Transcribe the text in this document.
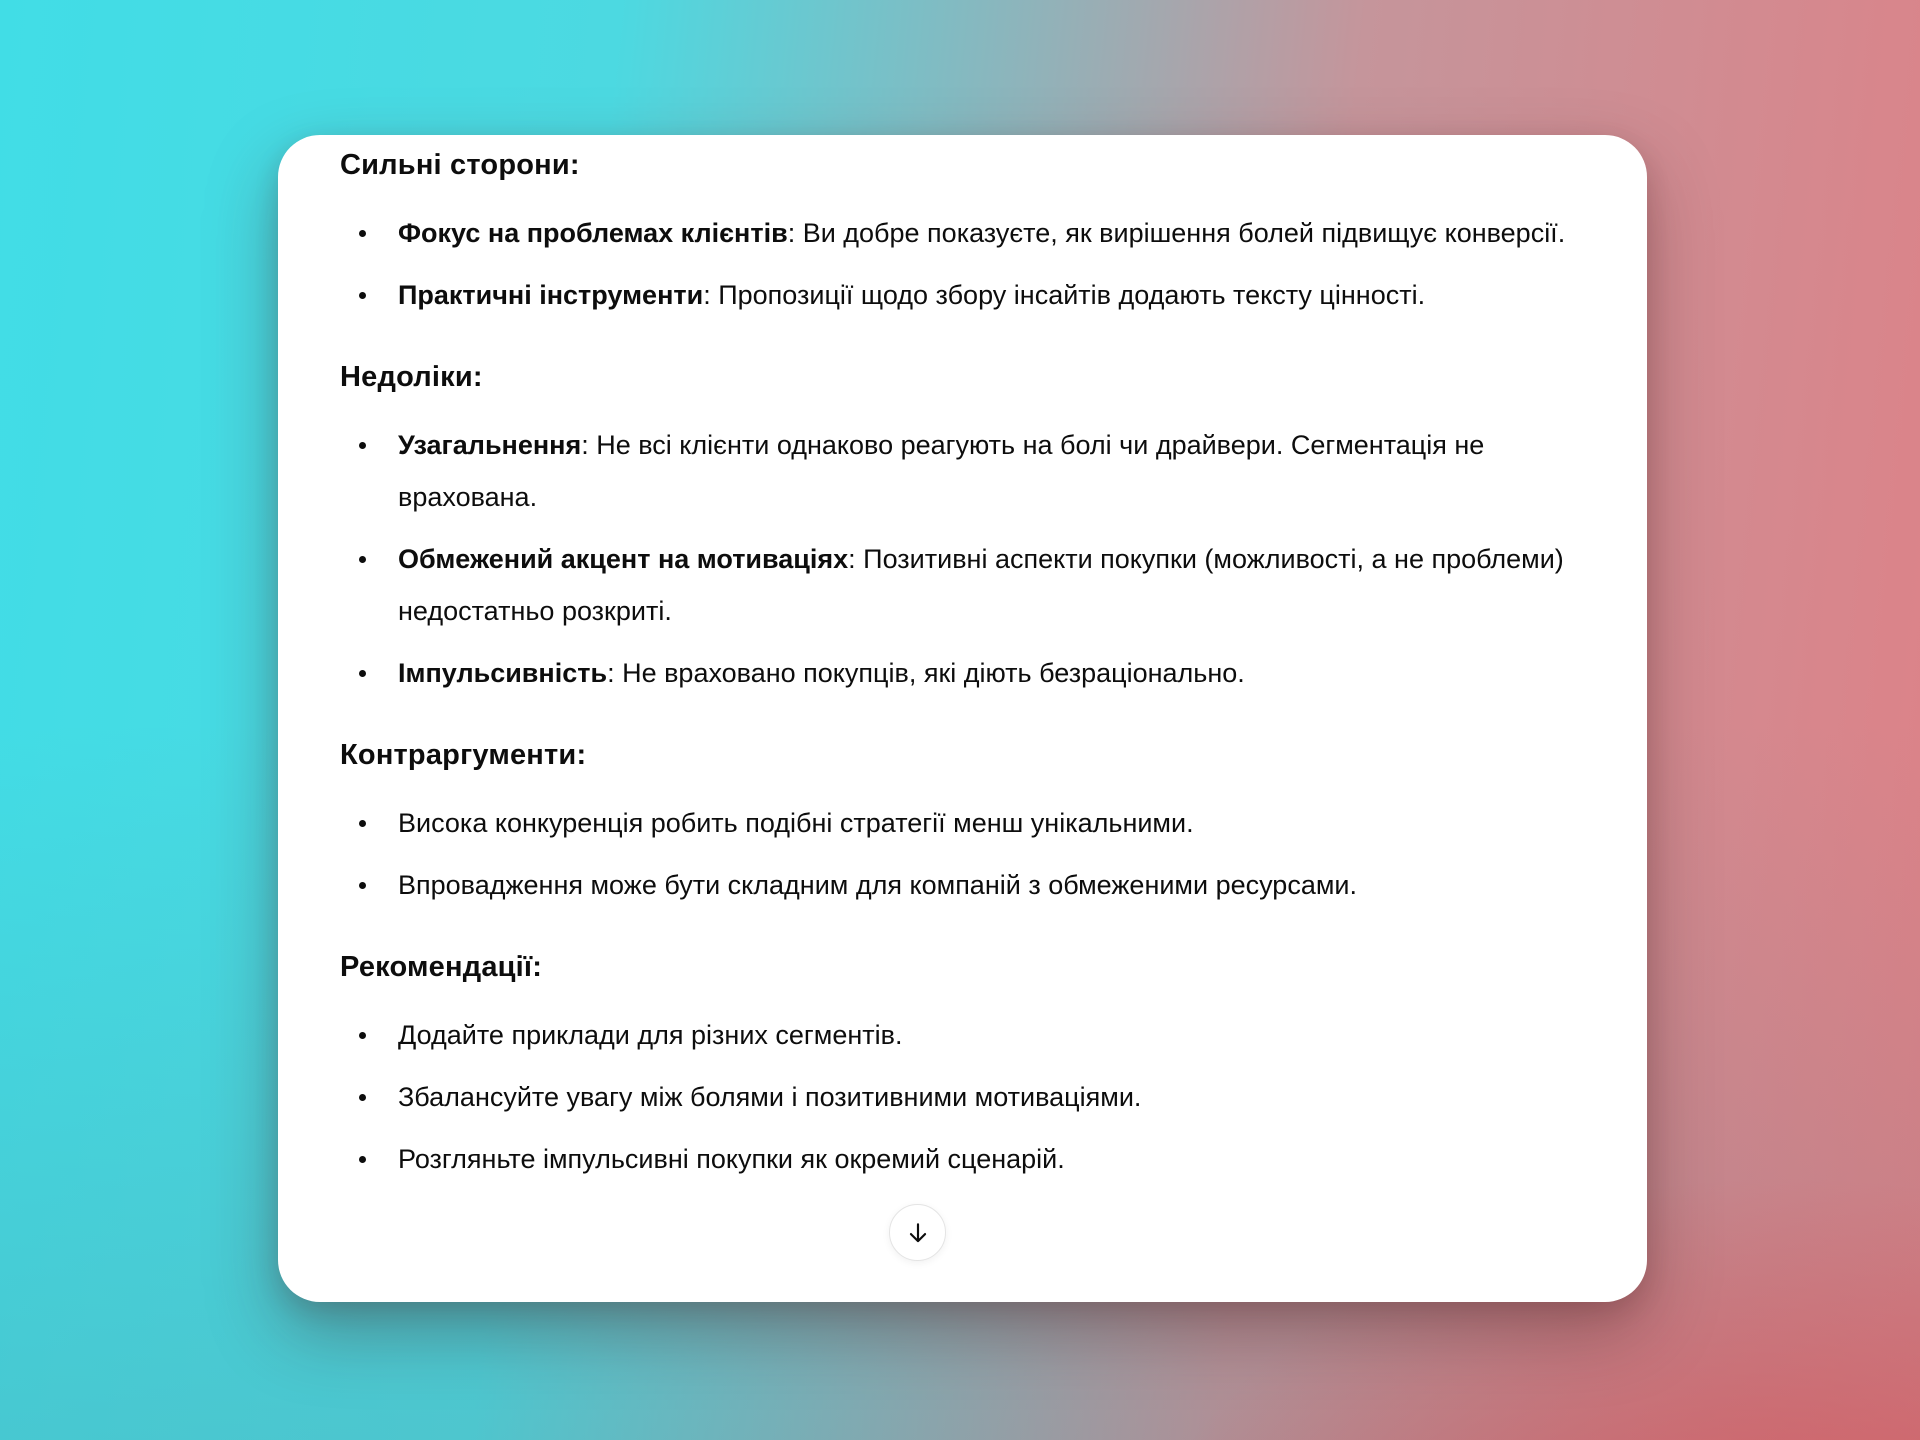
Сильні сторони:
Фокус на проблемах клієнтів: Ви добре показуєте, як вирішення болей підвищує конверсії.
Практичні інструменти: Пропозиції щодо збору інсайтів додають тексту цінності.
Недоліки:
Узагальнення: Не всі клієнти однаково реагують на болі чи драйвери. Сегментація не врахована.
Обмежений акцент на мотиваціях: Позитивні аспекти покупки (можливості, а не проблеми) недостатньо розкриті.
Імпульсивність: Не враховано покупців, які діють безраціонально.
Контраргументи:
Висока конкуренція робить подібні стратегії менш унікальними.
Впровадження може бути складним для компаній з обмеженими ресурсами.
Рекомендації:
Додайте приклади для різних сегментів.
Збалансуйте увагу між болями і позитивними мотиваціями.
Розгляньте імпульсивні покупки як окремий сценарій.
